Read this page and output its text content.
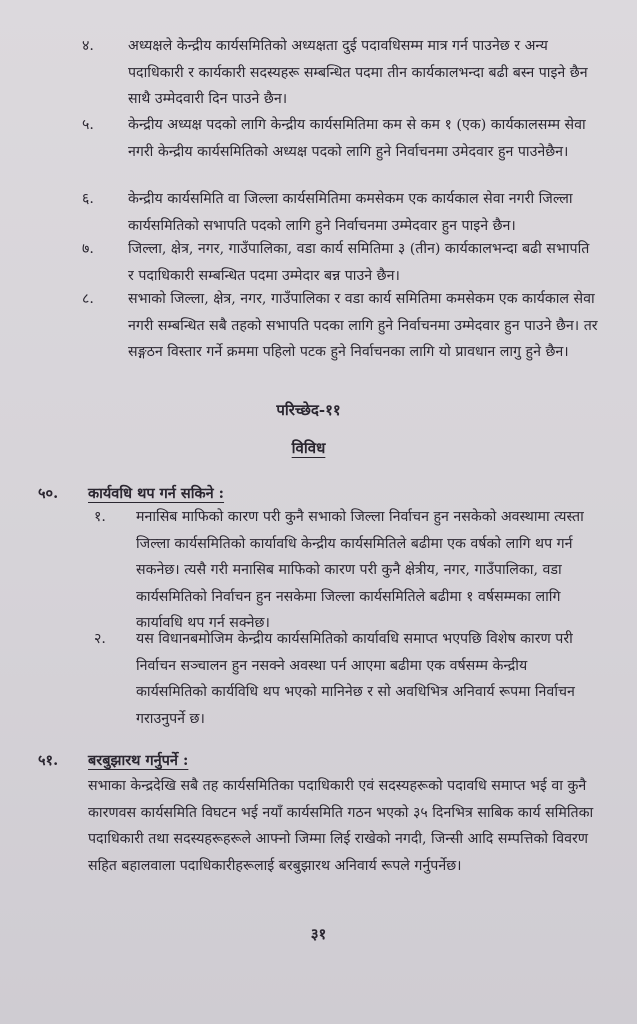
४. अध्यक्षले केन्द्रीय कार्यसमितिको अध्यक्षता दुई पदावधिसम्म मात्र गर्न पाउनेछ र अन्य पदाधिकारी र कार्यकारी सदस्यहरू सम्बन्धित पदमा तीन कार्यकालभन्दा बढी बस्न पाइने छैन साथै उम्मेदवारी दिन पाउने छैन।
५. केन्द्रीय अध्यक्ष पदको लागि केन्द्रीय कार्यसमितिमा कम से कम १ (एक) कार्यकालसम्म सेवा नगरी केन्द्रीय कार्यसमितिको अध्यक्ष पदको लागि हुने निर्वाचनमा उमेदवार हुन पाउनेछैन।
६. केन्द्रीय कार्यसमिति वा जिल्ला कार्यसमितिमा कमसेकम एक कार्यकाल सेवा नगरी जिल्ला कार्यसमितिको सभापति पदको लागि हुने निर्वाचनमा उम्मेदवार हुन पाइने छैन।
७. जिल्ला, क्षेत्र, नगर, गाउँपालिका, वडा कार्य समितिमा ३ (तीन) कार्यकालभन्दा बढी सभापति र पदाधिकारी सम्बन्धित पदमा उम्मेदार बन्न पाउने छैन।
८. सभाको जिल्ला, क्षेत्र, नगर, गाउँपालिका र वडा कार्य समितिमा कमसेकम एक कार्यकाल सेवा नगरी सम्बन्धित सबै तहको सभापति पदका लागि हुने निर्वाचनमा उम्मेदवार हुन पाउने छैन। तर सङ्गठन विस्तार गर्ने क्रममा पहिलो पटक हुने निर्वाचनका लागि यो प्रावधान लागु हुने छैन।
परिच्छेद-११
विविध
५०. कार्यवधि थप गर्न सकिने :
१. मनासिब माफिको कारण परी कुनै सभाको जिल्ला निर्वाचन हुन नसकेको अवस्थामा त्यस्ता जिल्ला कार्यसमितिको कार्यावधि केन्द्रीय कार्यसमितिले बढीमा एक वर्षको लागि थप गर्न सकनेछ। त्यसै गरी मनासिब माफिको कारण परी कुनै क्षेत्रीय, नगर, गाउँपालिका, वडा कार्यसमितिको निर्वाचन हुन नसकेमा जिल्ला कार्यसमितिले बढीमा १ वर्षसम्मका लागि कार्यावधि थप गर्न सक्नेछ।
२. यस विधानबमोजिम केन्द्रीय कार्यसमितिको कार्यावधि समाप्त भएपछि विशेष कारण परी निर्वाचन सञ्चालन हुन नसक्ने अवस्था पर्न आएमा बढीमा एक वर्षसम्म केन्द्रीय कार्यसमितिको कार्यविधि थप भएको मानिनेछ र सो अवधिभित्र अनिवार्य रूपमा निर्वाचन गराउनुपर्ने छ।
५१. बरबुझारथ गर्नुपर्ने :
सभाका केन्द्रदेखि सबै तह कार्यसमितिका पदाधिकारी एवं सदस्यहरूको पदावधि समाप्त भई वा कुनै कारणवस कार्यसमिति विघटन भई नयाँ कार्यसमिति गठन भएको ३५ दिनभित्र साबिक कार्य समितिका पदाधिकारी तथा सदस्यहरूहरूले आफ्नो जिम्मा लिई राखेको नगदी, जिन्सी आदि सम्पत्तिको विवरण सहित बहालवाला पदाधिकारीहरूलाई बरबुझारथ अनिवार्य रूपले गर्नुपर्नेछ।
३१
